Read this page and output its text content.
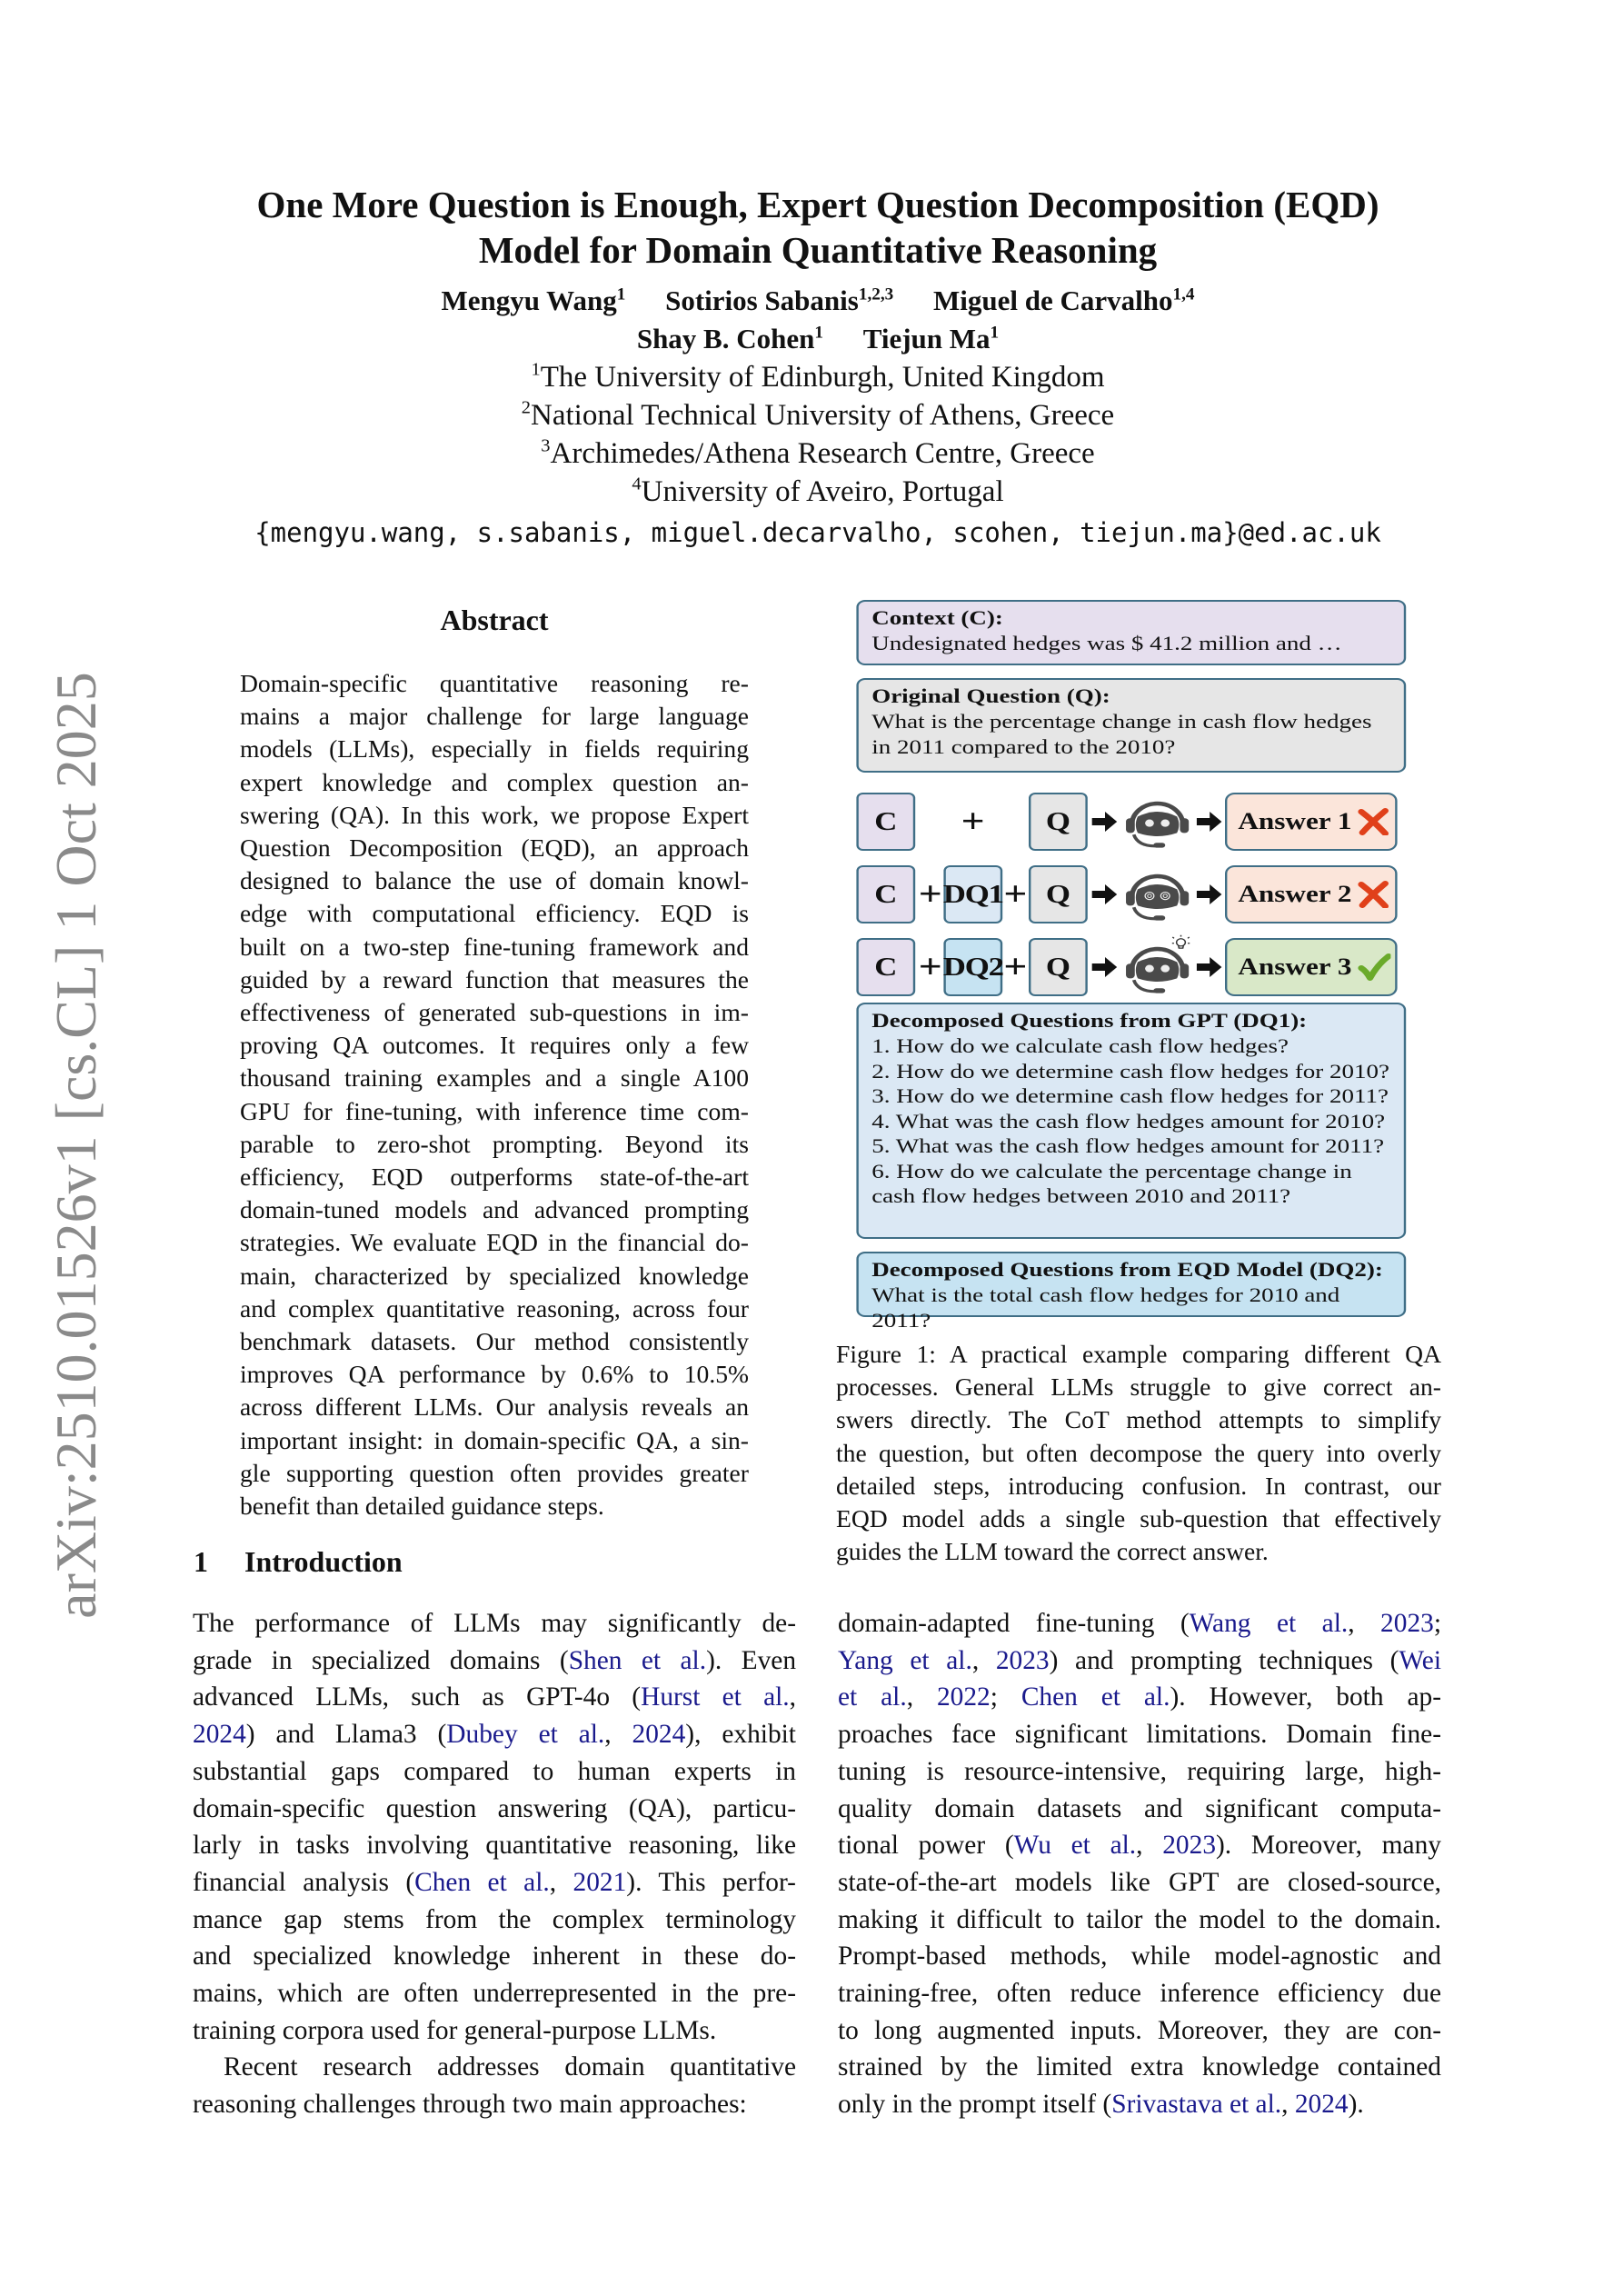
arXiv:2510.01526v1 [cs.CL] 1 Oct 2025
One More Question is Enough, Expert Question Decomposition (EQD)
Model for Domain Quantitative Reasoning
Mengyu Wang$^1$ Sotirios Sabanis$^{1,2,3}$ Miguel de Carvalho$^{1,4}$
Shay B. Cohen$^1$ Tiejun Ma$^1$
$^1$The University of Edinburgh, United Kingdom
$^2$National Technical University of Athens, Greece
$^3$Archimedes/Athena Research Centre, Greece
$^4$University of Aveiro, Portugal
{mengyu.wang, s.sabanis, miguel.decarvalho, scohen, tiejun.ma}@ed.ac.uk
Abstract
Domain-specific quantitative reasoning re-
mains a major challenge for large language
models (LLMs), especially in fields requiring
expert knowledge and complex question an-
swering (QA). In this work, we propose Expert
Question Decomposition (EQD), an approach
designed to balance the use of domain knowl-
edge with computational efficiency. EQD is
built on a two-step fine-tuning framework and
guided by a reward function that measures the
effectiveness of generated sub-questions in im-
proving QA outcomes. It requires only a few
thousand training examples and a single A100
GPU for fine-tuning, with inference time com-
parable to zero-shot prompting. Beyond its
efficiency, EQD outperforms state-of-the-art
domain-tuned models and advanced prompting
strategies. We evaluate EQD in the financial do-
main, characterized by specialized knowledge
and complex quantitative reasoning, across four
benchmark datasets. Our method consistently
improves QA performance by 0.6% to 10.5%
across different LLMs. Our analysis reveals an
important insight: in domain-specific QA, a sin-
gle supporting question often provides greater
benefit than detailed guidance steps.
1 Introduction
The performance of LLMs may significantly de-
grade in specialized domains (Shen et al.). Even
advanced LLMs, such as GPT-4o (Hurst et al.,
2024) and Llama3 (Dubey et al., 2024), exhibit
substantial gaps compared to human experts in
domain-specific question answering (QA), particu-
larly in tasks involving quantitative reasoning, like
financial analysis (Chen et al., 2021). This perfor-
mance gap stems from the complex terminology
and specialized knowledge inherent in these do-
mains, which are often underrepresented in the pre-
training corpora used for general-purpose LLMs.
Recent research addresses domain quantitative
reasoning challenges through two main approaches:
domain-adapted fine-tuning (Wang et al., 2023;
Yang et al., 2023) and prompting techniques (Wei
et al., 2022; Chen et al.). However, both ap-
proaches face significant limitations. Domain fine-
tuning is resource-intensive, requiring large, high-
quality domain datasets and significant computa-
tional power (Wu et al., 2023). Moreover, many
state-of-the-art models like GPT are closed-source,
making it difficult to tailor the model to the domain.
Prompt-based methods, while model-agnostic and
training-free, often reduce inference efficiency due
to long augmented inputs. Moreover, they are con-
strained by the limited extra knowledge contained
only in the prompt itself (Srivastava et al., 2024).
Context (C):
Undesignated hedges was $ 41.2 million and …
Original Question (Q):
What is the percentage change in cash flow hedges in 2011 compared to the 2010?
C	+	Q	Answer 1
C + DQ1 + Q	Answer 2
C + DQ2 + Q	Answer 3
Decomposed Questions from GPT (DQ1):
1. How do we calculate cash flow hedges?
2. How do we determine cash flow hedges for 2010?
3. How do we determine cash flow hedges for 2011?
4. What was the cash flow hedges amount for 2010?
5. What was the cash flow hedges amount for 2011?
6. How do we calculate the percentage change in cash flow hedges between 2010 and 2011?
Decomposed Questions from EQD Model (DQ2):
What is the total cash flow hedges for 2010 and 2011?
Figure 1: A practical example comparing different QA
processes. General LLMs struggle to give correct an-
swers directly. The CoT method attempts to simplify
the question, but often decompose the query into overly
detailed steps, introducing confusion. In contrast, our
EQD model adds a single sub-question that effectively
guides the LLM toward the correct answer.
